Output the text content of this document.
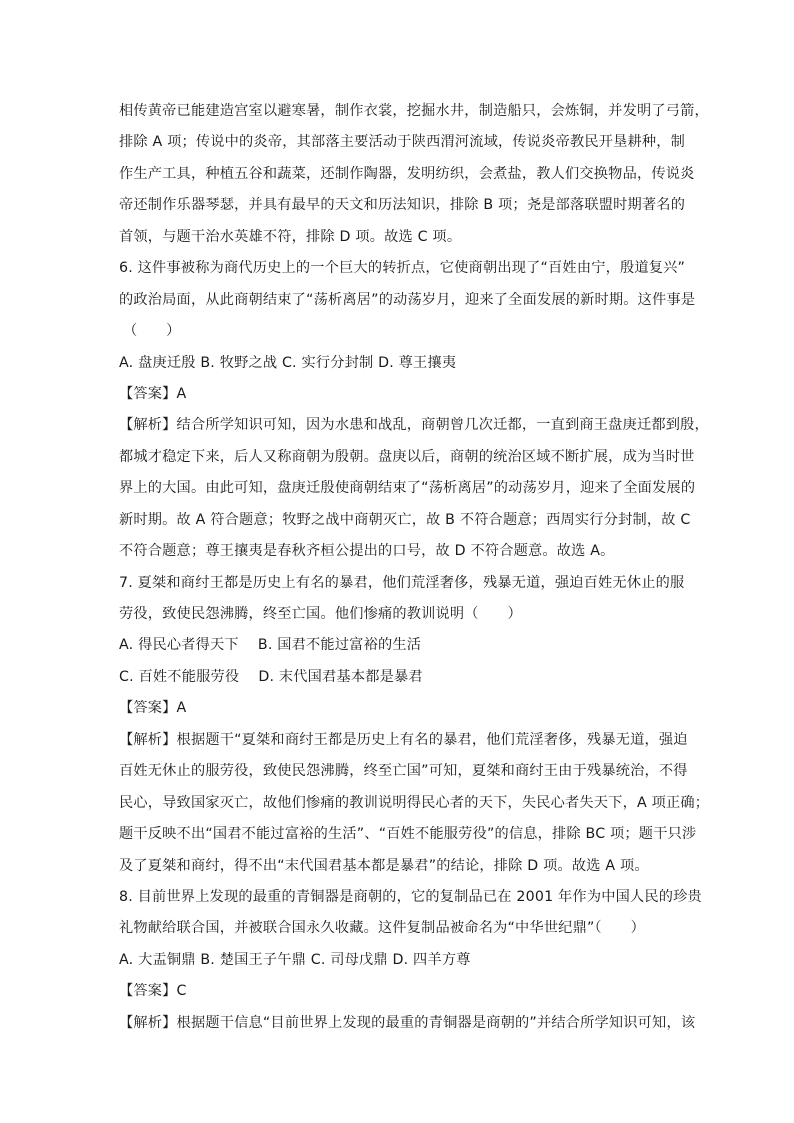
相传黄帝已能建造宫室以避寒暑，制作衣裳，挖掘水井，制造船只，会炼铜，并发明了弓箭，
排除 A 项；传说中的炎帝，其部落主要活动于陕西渭河流域，传说炎帝教民开垦耕种，制
作生产工具，种植五谷和蔬菜，还制作陶器，发明纺织，会煮盐，教人们交换物品，传说炎
帝还制作乐器琴瑟，并具有最早的天文和历法知识，排除 B 项；尧是部落联盟时期著名的
首领，与题干治水英雄不符，排除 D 项。故选 C 项。
6. 这件事被称为商代历史上的一个巨大的转折点，它使商朝出现了“百姓由宁，殷道复兴”
的政治局面，从此商朝结束了“荡析离居”的动荡岁月，迎来了全面发展的新时期。这件事是
（　　）
A. 盘庚迁殷 B. 牧野之战 C. 实行分封制 D. 尊王攘夷
【答案】A
【解析】结合所学知识可知，因为水患和战乱，商朝曾几次迁都，一直到商王盘庚迁都到殷，
都城才稳定下来，后人又称商朝为殷朝。盘庚以后，商朝的统治区域不断扩展，成为当时世
界上的大国。由此可知，盘庚迁殷使商朝结束了“荡析离居”的动荡岁月，迎来了全面发展的
新时期。故 A 符合题意；牧野之战中商朝灭亡，故 B 不符合题意；西周实行分封制，故 C
不符合题意；尊王攘夷是春秋齐桓公提出的口号，故 D 不符合题意。故选 A。
7. 夏桀和商纣王都是历史上有名的暴君，他们荒淫奢侈，残暴无道，强迫百姓无休止的服
劳役，致使民怨沸腾，终至亡国。他们惨痛的教训说明（　　）
A. 得民心者得天下　 B. 国君不能过富裕的生活
C. 百姓不能服劳役　 D. 末代国君基本都是暴君
【答案】A
【解析】根据题干“夏桀和商纣王都是历史上有名的暴君，他们荒淫奢侈，残暴无道，强迫
百姓无休止的服劳役，致使民怨沸腾，终至亡国”可知，夏桀和商纣王由于残暴统治，不得
民心，导致国家灭亡，故他们惨痛的教训说明得民心者的天下，失民心者失天下，A 项正确；
题干反映不出“国君不能过富裕的生活”、“百姓不能服劳役”的信息，排除 BC 项；题干只涉
及了夏桀和商纣，得不出“末代国君基本都是暴君”的结论，排除 D 项。故选 A 项。
8. 目前世界上发现的最重的青铜器是商朝的，它的复制品已在 2001 年作为中国人民的珍贵
礼物献给联合国，并被联合国永久收藏。这件复制品被命名为“中华世纪鼎”（　　）
A. 大盂铜鼎 B. 楚国王子午鼎 C. 司母戊鼎 D. 四羊方尊
【答案】C
【解析】根据题干信息“目前世界上发现的最重的青铜器是商朝的”并结合所学知识可知，该
